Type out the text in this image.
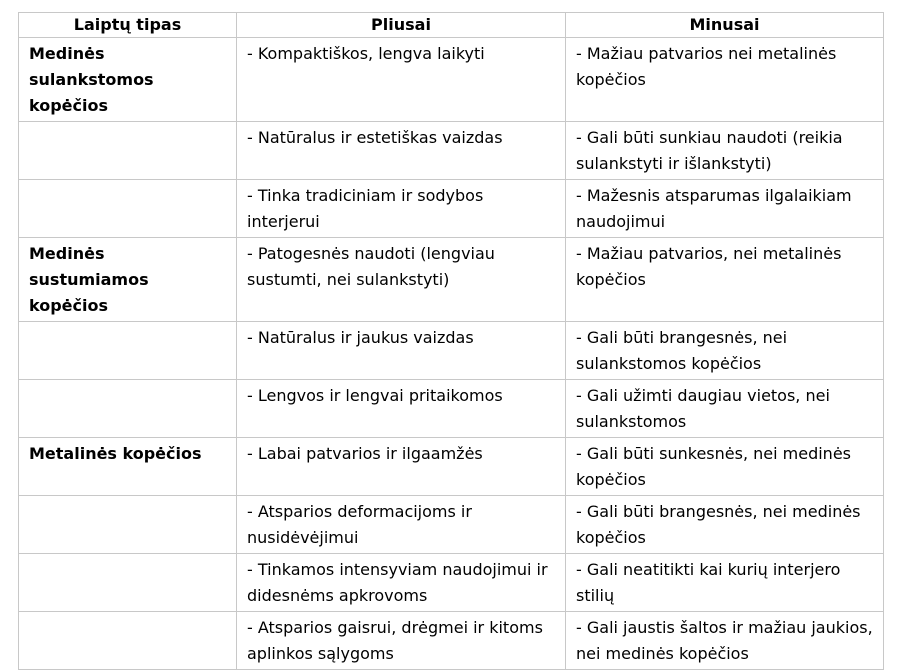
Laiptų tipas	Pliusai	Minusai
Medinės sulankstomos kopėčios	- Kompaktiškos, lengva laikyti	- Mažiau patvarios nei metalinės kopėčios
	- Natūralus ir estetiškas vaizdas	- Gali būti sunkiau naudoti (reikia sulankstyti ir išlankstyti)
	- Tinka tradiciniam ir sodybos interjerui	- Mažesnis atsparumas ilgalaikiam naudojimui
Medinės sustumiamos kopėčios	- Patogesnės naudoti (lengviau sustumti, nei sulankstyti)	- Mažiau patvarios, nei metalinės kopėčios
	- Natūralus ir jaukus vaizdas	- Gali būti brangesnės, nei sulankstomos kopėčios
	- Lengvos ir lengvai pritaikomos	- Gali užimti daugiau vietos, nei sulankstomos
Metalinės kopėčios	- Labai patvarios ir ilgaamžės	- Gali būti sunkesnės, nei medinės kopėčios
	- Atsparios deformacijoms ir nusidėvėjimui	- Gali būti brangesnės, nei medinės kopėčios
	- Tinkamos intensyviam naudojimui ir didesnėms apkrovoms	- Gali neatitikti kai kurių interjero stilių
	- Atsparios gaisrui, drėgmei ir kitoms aplinkos sąlygoms	- Gali jaustis šaltos ir mažiau jaukios, nei medinės kopėčios
